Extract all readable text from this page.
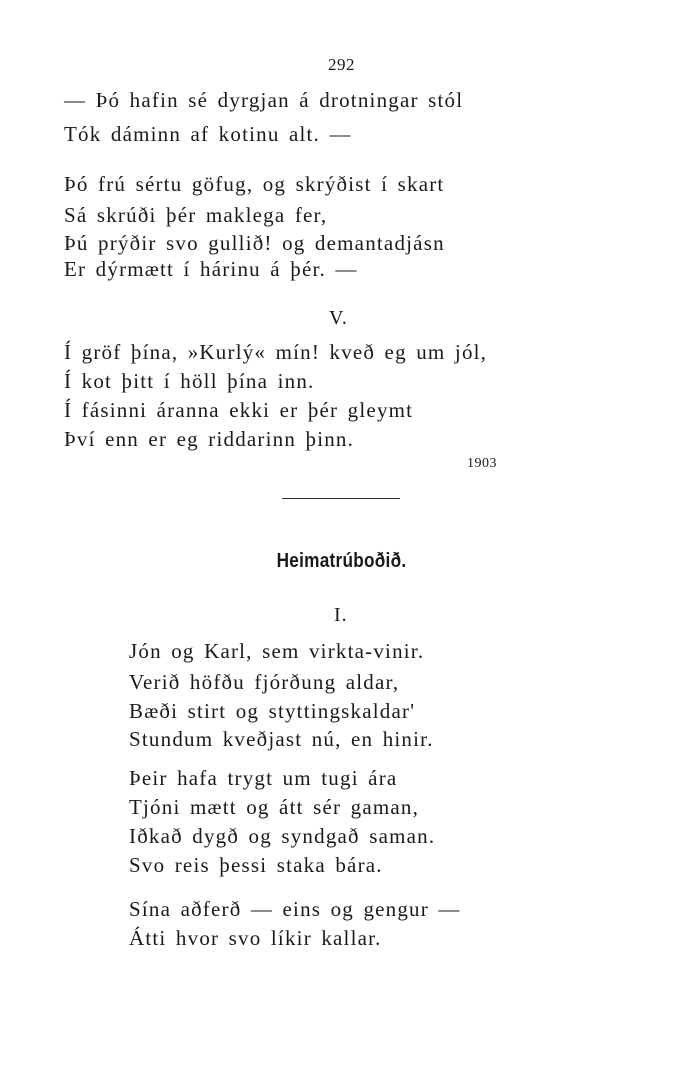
292
— Þó hafin sé dyrgjan á drotningar stól
Tók dáminn af kotinu alt. —
Þó frú sértu göfug, og skrýðist í skart
Sá skrúði þér maklega fer,
Þú prýðir svo gullið! og demantadjásn
Er dýrmætt í hárinu á þér. —
V.
Í gröf þína, »Kurlý« mín! kveð eg um jól,
Í kot þitt í höll þína inn.
Í fásinni áranna ekki er þér gleymt
Því enn er eg riddarinn þinn.
1903
Heimatrúboðið.
I.
Jón og Karl, sem virkta-vinir.
Verið höfðu fjórðung aldar,
Bæði stirt og styttingskaldar'
Stundum kveðjast nú, en hinir.
Þeir hafa trygt um tugi ára
Tjóni mætt og átt sér gaman,
Iðkað dygð og syndgað saman.
Svo reis þessi staka bára.
Sína aðferð — eins og gengur —
Átti hvor svo líkir kallar.
